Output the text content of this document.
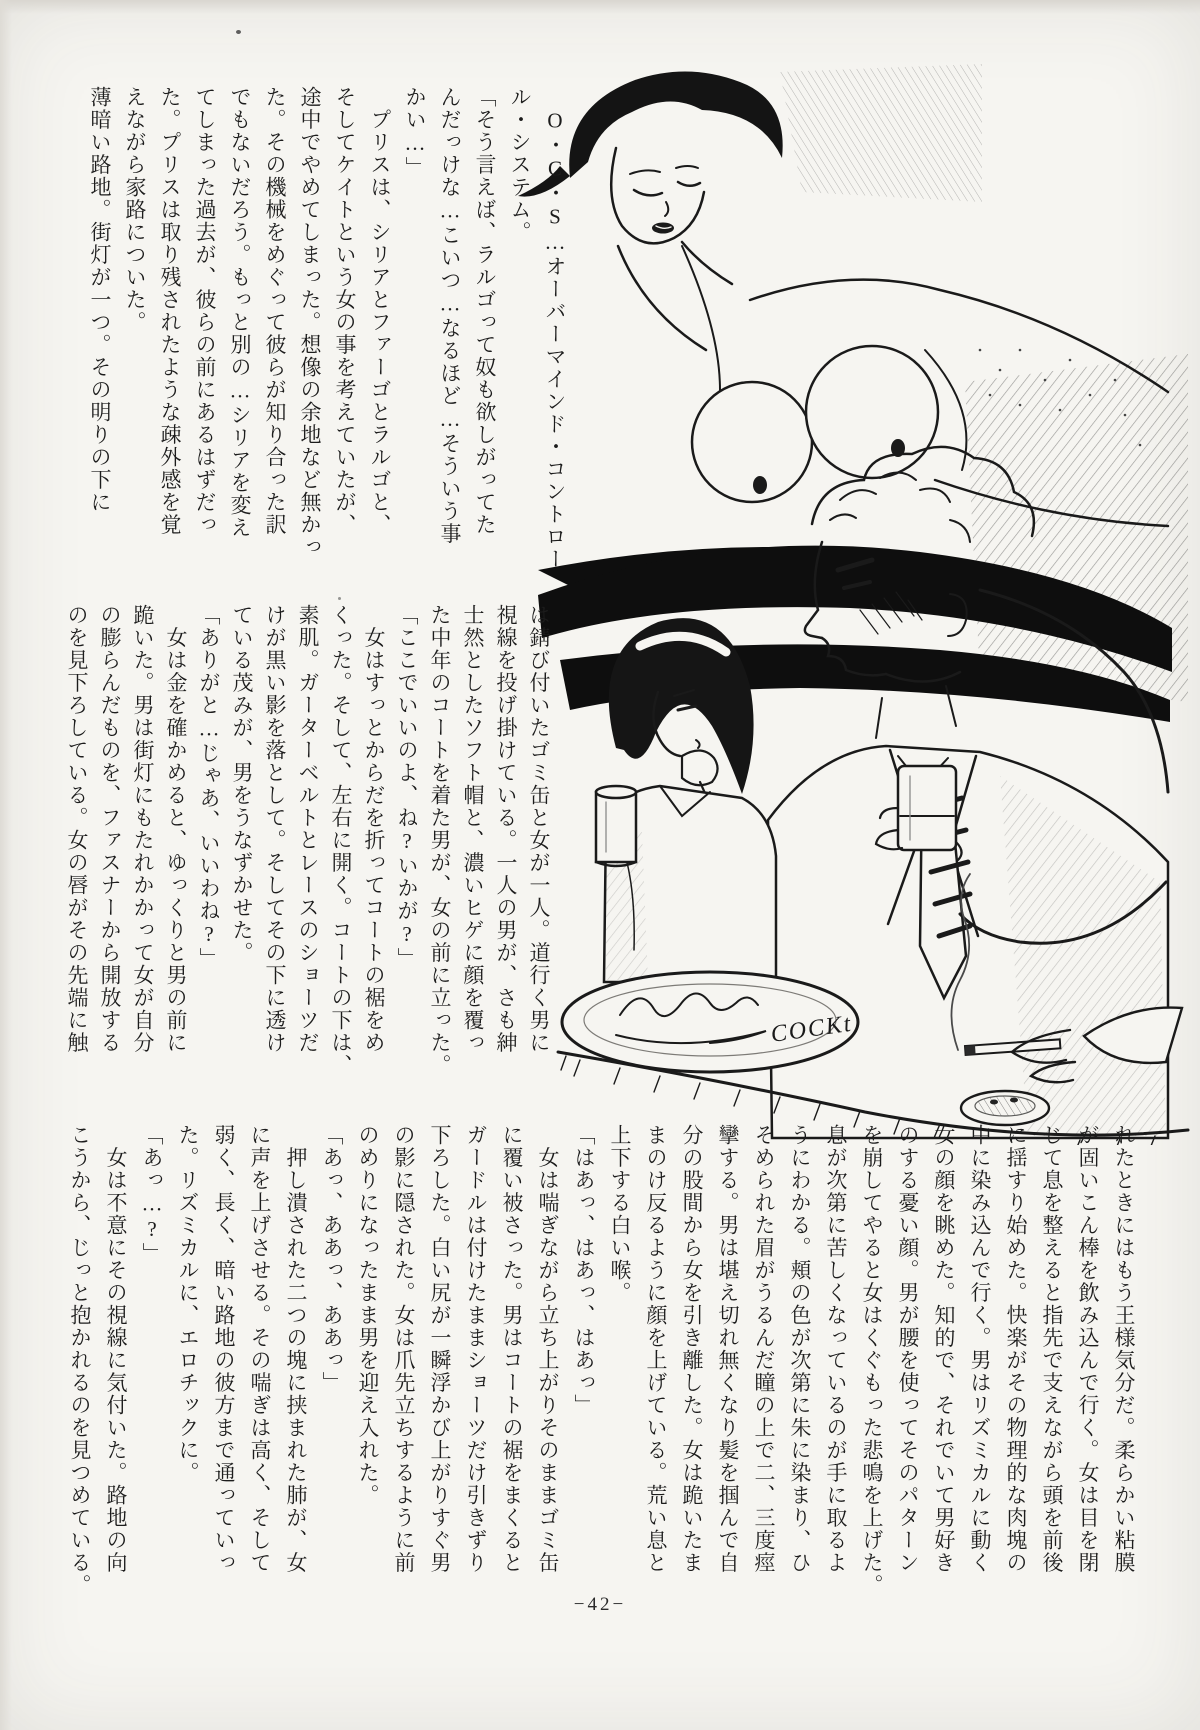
COCKt
　O・C・S…オーバーマインド・コントロー
ル・システム。
「そう言えば、ラルゴって奴も欲しがってた
んだっけな…こいつ…なるほど…そういう事
かい…」
　プリスは、シリアとファーゴとラルゴと、
そしてケイトという女の事を考えていたが、
途中でやめてしまった。想像の余地など無かっ
た。その機械をめぐって彼らが知り合った訳
でもないだろう。もっと別の…シリアを変え
てしまった過去が、彼らの前にあるはずだっ
た。プリスは取り残されたような疎外感を覚
えながら家路についた。
薄暗い路地。街灯が一つ。その明りの下に
は錆び付いたゴミ缶と女が一人。道行く男に
視線を投げ掛けている。一人の男が、さも紳
士然としたソフト帽と、濃いヒゲに顔を覆っ
た中年のコートを着た男が、女の前に立った。
「ここでいいのよ、ね?いかが?」
　女はすっとからだを折ってコートの裾をめ
くった。そして、左右に開く。コートの下は、
素肌。ガーターベルトとレースのショーツだ
けが黒い影を落として。そしてその下に透け
ている茂みが、男をうなずかせた。
「ありがと…じゃあ、いいわね?」
　女は金を確かめると、ゆっくりと男の前に
跪いた。男は街灯にもたれかかって女が自分
の膨らんだものを、ファスナーから開放する
のを見下ろしている。女の唇がその先端に触
れたときにはもう王様気分だ。柔らかい粘膜
が固いこん棒を飲み込んで行く。女は目を閉
じて息を整えると指先で支えながら頭を前後
に揺すり始めた。快楽がその物理的な肉塊の
中に染み込んで行く。男はリズミカルに動く
女の顔を眺めた。知的で、それでいて男好き
のする憂い顔。男が腰を使ってそのパターン
を崩してやると女はくぐもった悲鳴を上げた。
息が次第に苦しくなっているのが手に取るよ
うにわかる。頬の色が次第に朱に染まり、ひ
そめられた眉がうるんだ瞳の上で二、三度痙
攣する。男は堪え切れ無くなり髪を掴んで自
分の股間から女を引き離した。女は跪いたま
まのけ反るように顔を上げている。荒い息と
上下する白い喉。
「はあっ、はあっ、はあっ」
　女は喘ぎながら立ち上がりそのままゴミ缶
に覆い被さった。男はコートの裾をまくると
ガードルは付けたままショーツだけ引きずり
下ろした。白い尻が一瞬浮かび上がりすぐ男
の影に隠された。女は爪先立ちするように前
のめりになったまま男を迎え入れた。
「あっ、ああっ、ああっ」
　押し潰された二つの塊に挟まれた肺が、女
に声を上げさせる。その喘ぎは高く、そして
弱く、長く、暗い路地の彼方まで通っていっ
た。リズミカルに、エロチックに。
「あっ…?」
　女は不意にその視線に気付いた。路地の向
こうから、じっと抱かれるのを見つめている。
−42−
